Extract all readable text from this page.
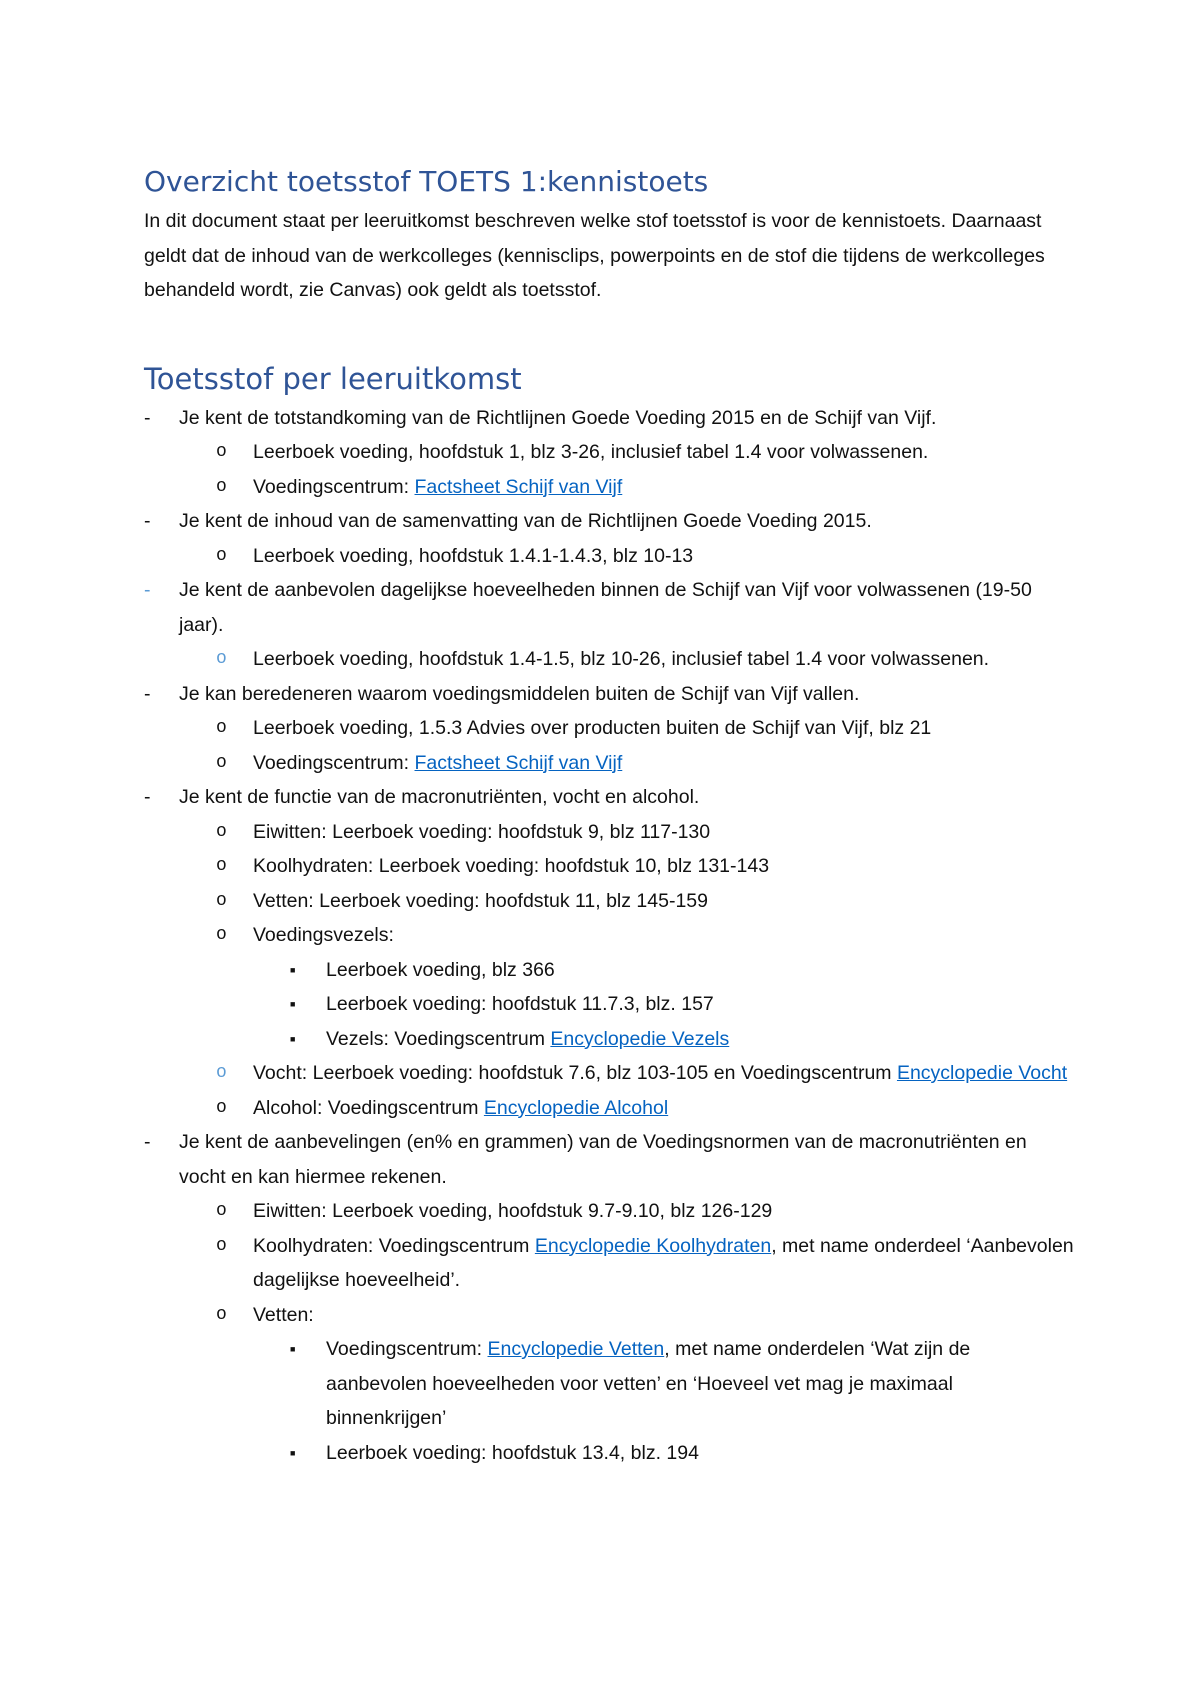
Overzicht toetsstof TOETS 1:kennistoets

In dit document staat per leeruitkomst beschreven welke stof toetsstof is voor de kennistoets. Daarnaast geldt dat de inhoud van de werkcolleges (kennisclips, powerpoints en de stof die tijdens de werkcolleges behandeld wordt, zie Canvas) ook geldt als toetsstof.

Toetsstof per leeruitkomst
- Je kent de totstandkoming van de Richtlijnen Goede Voeding 2015 en de Schijf van Vijf.
o Leerboek voeding, hoofdstuk 1, blz 3-26, inclusief tabel 1.4 voor volwassenen.
o Voedingscentrum: Factsheet Schijf van Vijf
- Je kent de inhoud van de samenvatting van de Richtlijnen Goede Voeding 2015.
o Leerboek voeding, hoofdstuk 1.4.1-1.4.3, blz 10-13
- Je kent de aanbevolen dagelijkse hoeveelheden binnen de Schijf van Vijf voor volwassenen (19-50 jaar).
o Leerboek voeding, hoofdstuk 1.4-1.5, blz 10-26, inclusief tabel 1.4 voor volwassenen.
- Je kan beredeneren waarom voedingsmiddelen buiten de Schijf van Vijf vallen.
o Leerboek voeding, 1.5.3 Advies over producten buiten de Schijf van Vijf, blz 21
o Voedingscentrum: Factsheet Schijf van Vijf
- Je kent de functie van de macronutriënten, vocht en alcohol.
o Eiwitten: Leerboek voeding: hoofdstuk 9, blz 117-130
o Koolhydraten: Leerboek voeding: hoofdstuk 10, blz 131-143
o Vetten: Leerboek voeding: hoofdstuk 11, blz 145-159
o Voedingsvezels:
■ Leerboek voeding, blz 366
■ Leerboek voeding: hoofdstuk 11.7.3, blz. 157
■ Vezels: Voedingscentrum Encyclopedie Vezels
o Vocht: Leerboek voeding: hoofdstuk 7.6, blz 103-105 en Voedingscentrum Encyclopedie Vocht
o Alcohol: Voedingscentrum Encyclopedie Alcohol
- Je kent de aanbevelingen (en% en grammen) van de Voedingsnormen van de macronutriënten en vocht en kan hiermee rekenen.
o Eiwitten: Leerboek voeding, hoofdstuk 9.7-9.10, blz 126-129
o Koolhydraten: Voedingscentrum Encyclopedie Koolhydraten, met name onderdeel ‘Aanbevolen dagelijkse hoeveelheid’.
o Vetten:
■ Voedingscentrum: Encyclopedie Vetten, met name onderdelen ‘Wat zijn de aanbevolen hoeveelheden voor vetten’ en ‘Hoeveel vet mag je maximaal binnenkrijgen’
■ Leerboek voeding: hoofdstuk 13.4, blz. 194
